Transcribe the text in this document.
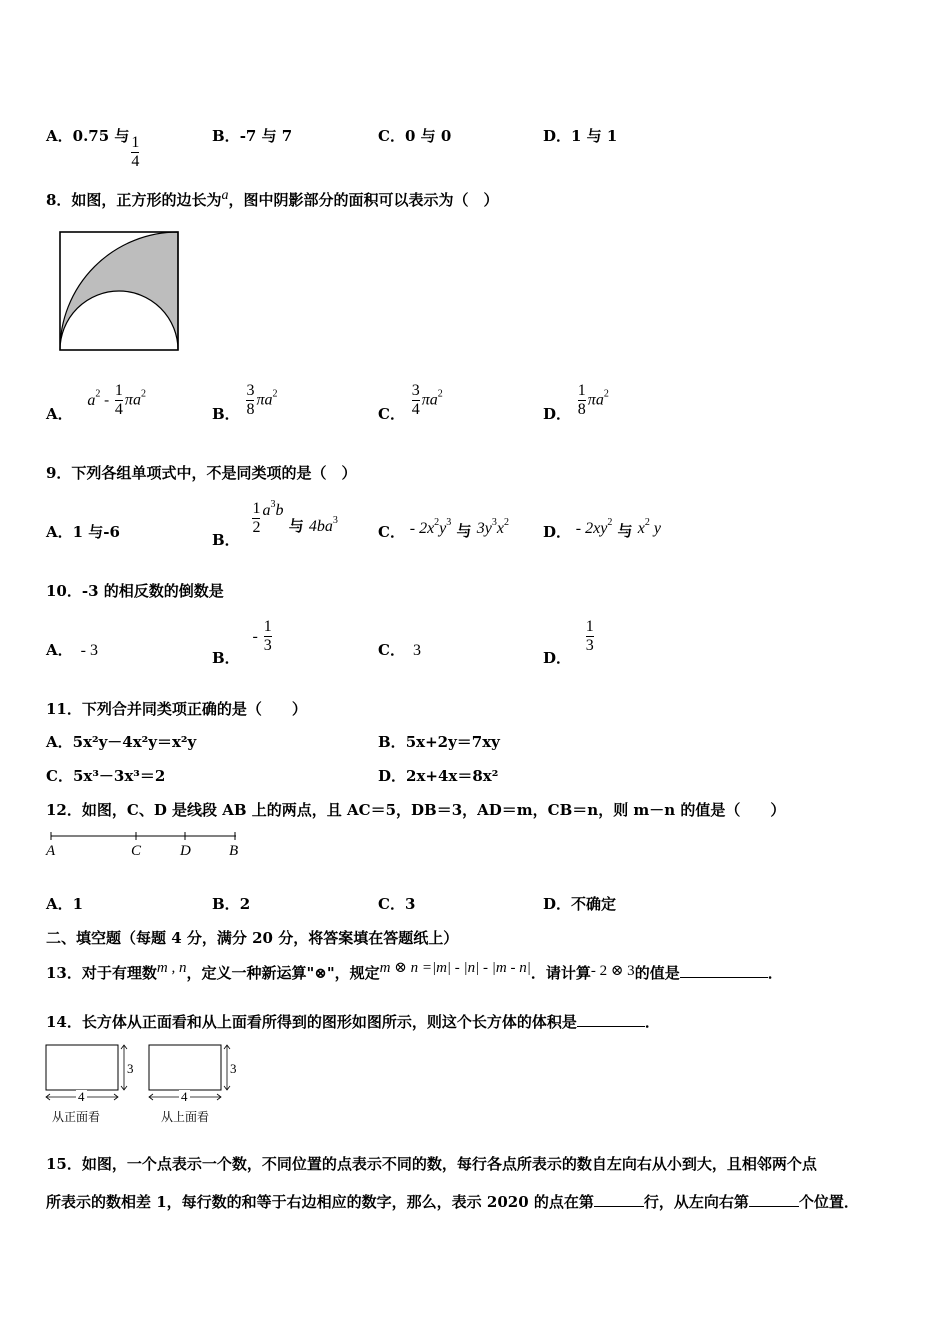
A．0.75 与 $\frac{1}{4}$	B．-7 与 7	C．0 与 0	D．1 与 1
8．如图，正方形的边长为a，图中阴影部分的面积可以表示为（　）
A． $a^2 - \frac{1}{4} \pi a^2$
B． $\frac{3}{8} \pi a^2$
C． $\frac{3}{4} \pi a^2$
D． $\frac{1}{8} \pi a^2$
9．下列各组单项式中，不是同类项的是（　）
A．1 与-6	B．
$\frac{1}{2} a^3b$ 与 4ba3
C． - $2x^2y^3$ 与 $3y^3x^2$
D． - $2xy^2$ 与 $x^2$ y
10．-3 的相反数的倒数是
A． - 3	B． - $\frac{1}{3}$	C． 3	D．
$\frac{1}{3}$
11．下列合并同类项正确的是（　　）
A．5x²y－4x²y＝x²y	B．5x+2y＝7xy
C．5x³－3x³＝2	D．2x+4x＝8x²
12．如图，C、D 是线段 AB 上的两点，且 AC＝5，DB＝3，AD＝m，CB＝n，则 m－n 的值是（　　）
A	C	D	B
A．1	B．2	C．3	D．不确定
二、填空题（每题 4 分，满分 20 分，将答案填在答题纸上）
13．对于有理数m , n，定义一种新运算"⊗"，规定m ⊗ n =|m| - |n| - |m - n|．请计算- 2 ⊗ 3的值是	．
14．长方体从正面看和从上面看所得到的图形如图所示，则这个长方体的体积是	．
3
4
从正面看
3
4
从上面看
15．如图，一个点表示一个数，不同位置的点表示不同的数，每行各点所表示的数自左向右从小到大，且相邻两个点
所表示的数相差 1，每行数的和等于右边相应的数字，那么，表示 2020 的点在第	行，从左向右第	个位置．
